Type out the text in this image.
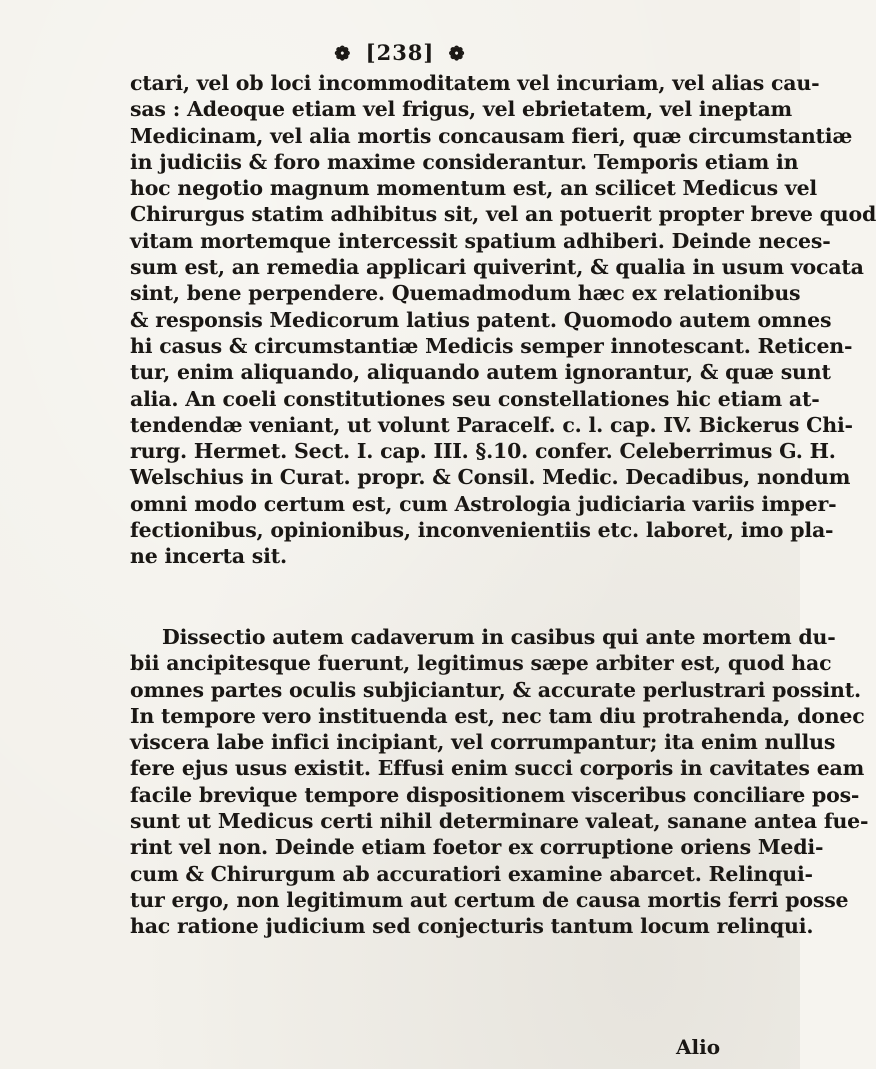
❁ [238] ❁
ctari, vel ob loci incommoditatem vel incuriam, vel alias cau-
sas : Adeoque etiam vel frigus, vel ebrietatem, vel ineptam
Medicinam, vel alia mortis concausam fieri, quæ circumstantiæ
in judiciis & foro maxime considerantur. Temporis etiam in
hoc negotio magnum momentum est, an scilicet Medicus vel
Chirurgus statim adhibitus sit, vel an potuerit propter breve quod
vitam mortemque intercessit spatium adhiberi. Deinde neces-
sum est, an remedia applicari quiverint, & qualia in usum vocata
sint, bene perpendere. Quemadmodum hæc ex relationibus
& responsis Medicorum latius patent. Quomodo autem omnes
hi casus & circumstantiæ Medicis semper innotescant. Reticen-
tur, enim aliquando, aliquando autem ignorantur, & quæ sunt
alia. An coeli constitutiones seu constellationes hic etiam at-
tendendæ veniant, ut volunt Paracelf. c. l. cap. IV. Bickerus Chi-
rurg. Hermet. Sect. I. cap. III. §.10. confer. Celeberrimus G. H.
Welschius in Curat. propr. & Consil. Medic. Decadibus, nondum
omni modo certum est, cum Astrologia judiciaria variis imper-
fectionibus, opinionibus, inconvenientiis etc. laboret, imo pla-
ne incerta sit.
Dissectio autem cadaverum in casibus qui ante mortem du-
bii ancipitesque fuerunt, legitimus sæpe arbiter est, quod hac
omnes partes oculis subjiciantur, & accurate perlustrari possint.
In tempore vero instituenda est, nec tam diu protrahenda, donec
viscera labe infici incipiant, vel corrumpantur; ita enim nullus
fere ejus usus existit. Effusi enim succi corporis in cavitates eam
facile brevique tempore dispositionem visceribus conciliare pos-
sunt ut Medicus certi nihil determinare valeat, sanane antea fue-
rint vel non. Deinde etiam foetor ex corruptione oriens Medi-
cum & Chirurgum ab accuratiori examine abarcet. Relinqui-
tur ergo, non legitimum aut certum de causa mortis ferri posse
hac ratione judicium sed conjecturis tantum locum relinqui.
Alio
